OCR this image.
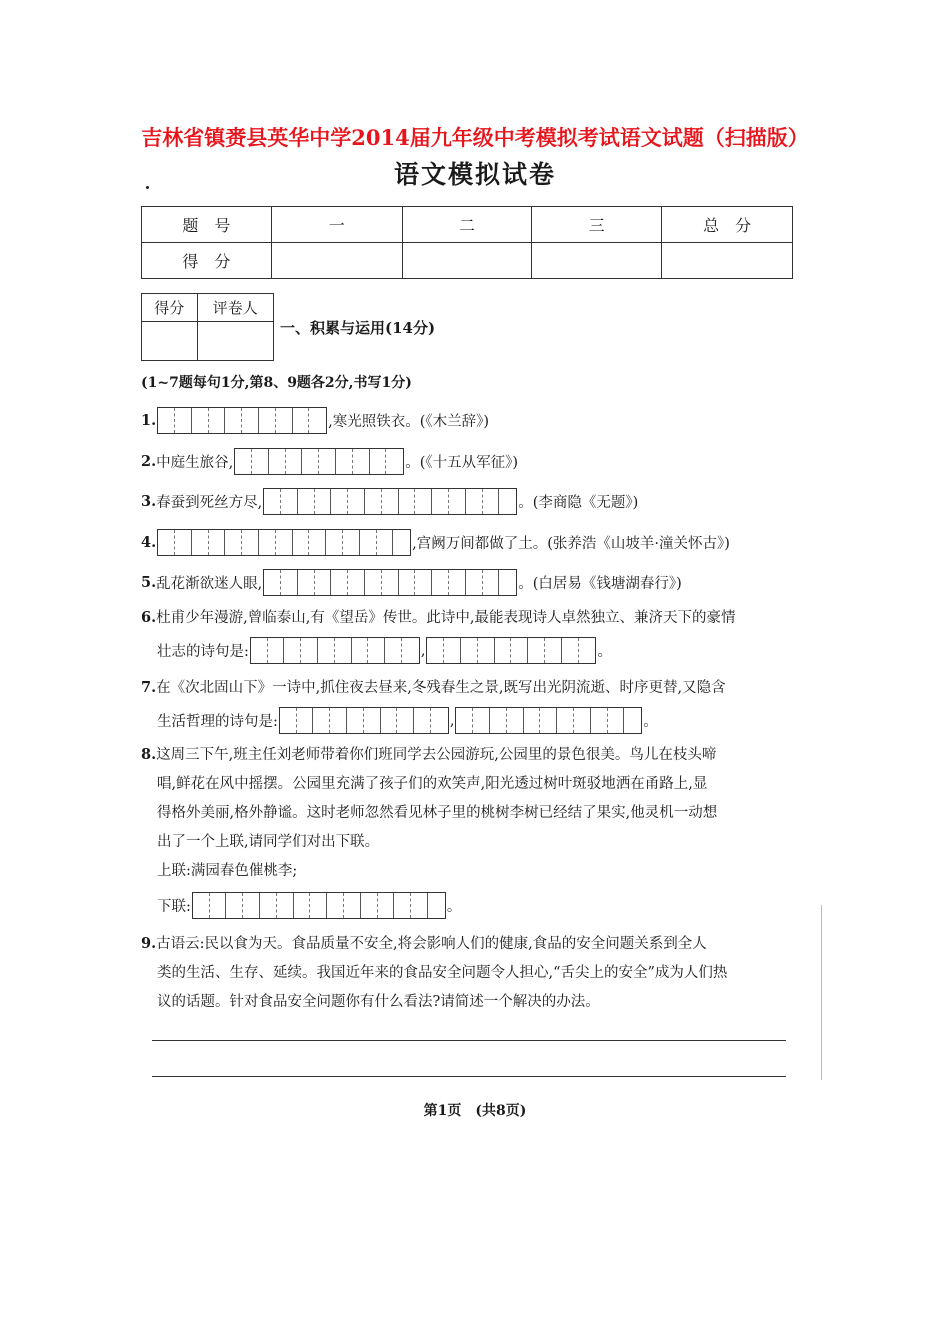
吉林省镇赉县英华中学2014届九年级中考模拟考试语文试题（扫描版）
语文模拟试卷
题　号	一	二	三	总　分
得　分				
得分	评卷人

一、积累与运用(14分)
(1~7题每句1分,第8、9题各2分,书写1分)
1.	,寒光照铁衣。(《木兰辞》)
2. 中庭生旅谷,	。(《十五从军征》)
3. 春蚕到死丝方尽,	。(李商隐《无题》)
4.	,宫阙万间都做了土。(张养浩《山坡羊·潼关怀古》)
5. 乱花渐欲迷人眼,	。(白居易《钱塘湖春行》)
6.杜甫少年漫游,曾临泰山,有《望岳》传世。此诗中,最能表现诗人卓然独立、兼济天下的豪情
壮志的诗句是:	,	。
7.在《次北固山下》一诗中,抓住夜去昼来,冬残春生之景,既写出光阴流逝、时序更替,又隐含
生活哲理的诗句是:	,	。
8.这周三下午,班主任刘老师带着你们班同学去公园游玩,公园里的景色很美。鸟儿在枝头啼
唱,鲜花在风中摇摆。公园里充满了孩子们的欢笑声,阳光透过树叶斑驳地洒在甬路上,显
得格外美丽,格外静谧。这时老师忽然看见林子里的桃树李树已经结了果实,他灵机一动想
出了一个上联,请同学们对出下联。
上联:满园春色催桃李;
下联:	。
9.古语云:民以食为天。食品质量不安全,将会影响人们的健康,食品的安全问题关系到全人
类的生活、生存、延续。我国近年来的食品安全问题令人担心,“舌尖上的安全”成为人们热
议的话题。针对食品安全问题你有什么看法?请简述一个解决的办法。
第1页　(共8页)
